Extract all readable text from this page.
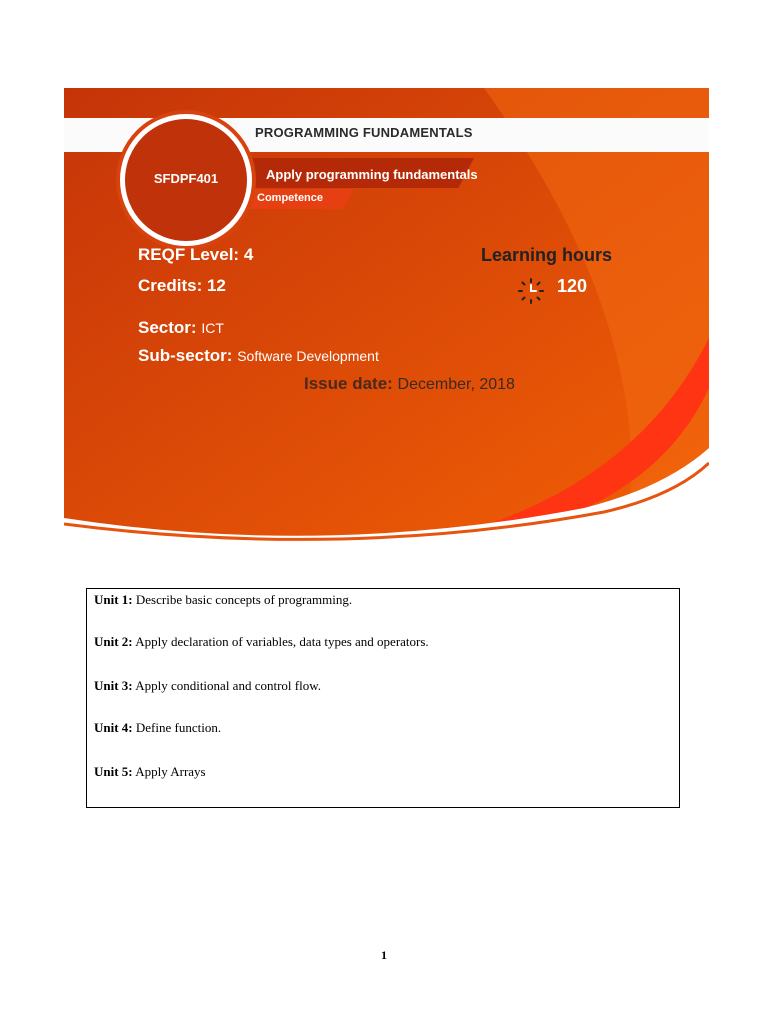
PROGRAMMING FUNDAMENTALS
Apply programming fundamentals
Competence
SFDPF401
REQF Level: 4
Credits: 12
Sector: ICT
Sub-sector: Software Development
Issue date: December, 2018
Learning hours
120
Unit 1: Describe basic concepts of programming.
Unit 2: Apply declaration of variables, data types and operators.
Unit 3: Apply conditional and control flow.
Unit 4: Define function.
Unit 5: Apply Arrays
1
